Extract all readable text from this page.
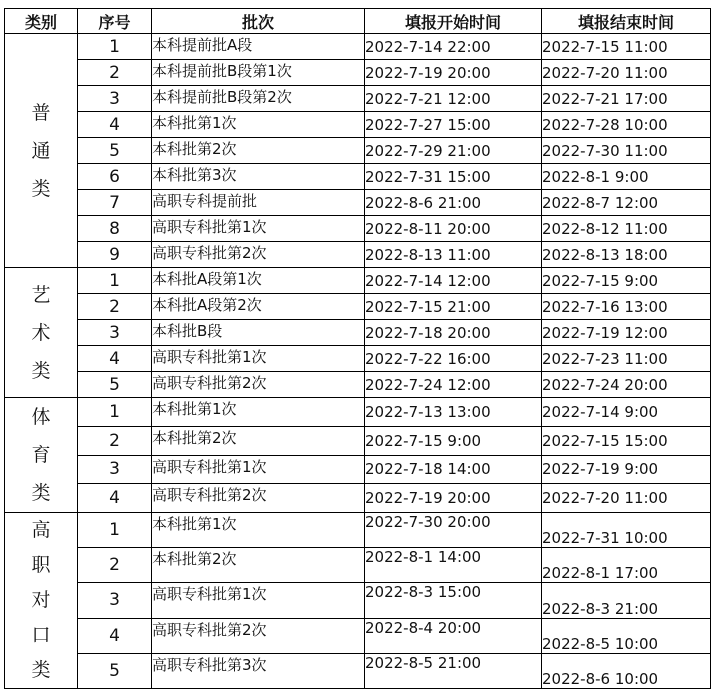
类别	序号	批次	填报开始时间	填报结束时间

普
通
类	1	本科提前批A段	2022-7-14 22:00	2022-7-15 11:00
	2	本科提前批B段第1次	2022-7-19 20:00	2022-7-20 11:00
	3	本科提前批B段第2次	2022-7-21 12:00	2022-7-21 17:00
	4	本科批第1次	2022-7-27 15:00	2022-7-28 10:00
	5	本科批第2次	2022-7-29 21:00	2022-7-30 11:00
	6	本科批第3次	2022-7-31 15:00	2022-8-1 9:00
	7	高职专科提前批	2022-8-6 21:00	2022-8-7 12:00
	8	高职专科批第1次	2022-8-11 20:00	2022-8-12 11:00
	9	高职专科批第2次	2022-8-13 11:00	2022-8-13 18:00

艺
术
类	1	本科批A段第1次	2022-7-14 12:00	2022-7-15 9:00
	2	本科批A段第2次	2022-7-15 21:00	2022-7-16 13:00
	3	本科批B段	2022-7-18 20:00	2022-7-19 12:00
	4	高职专科批第1次	2022-7-22 16:00	2022-7-23 11:00
	5	高职专科批第2次	2022-7-24 12:00	2022-7-24 20:00

体
育
类	1	本科批第1次	2022-7-13 13:00	2022-7-14 9:00
	2	本科批第2次	2022-7-15 9:00	2022-7-15 15:00
	3	高职专科批第1次	2022-7-18 14:00	2022-7-19 9:00
	4	高职专科批第2次	2022-7-19 20:00	2022-7-20 11:00

高
职
对
口
类	1	本科批第1次	2022-7-30 20:00	2022-7-31 10:00
	2	本科批第2次	2022-8-1 14:00	2022-8-1 17:00
	3	高职专科批第1次	2022-8-3 15:00	2022-8-3 21:00
	4	高职专科批第2次	2022-8-4 20:00	2022-8-5 10:00
	5	高职专科批第3次	2022-8-5 21:00	2022-8-6 10:00
